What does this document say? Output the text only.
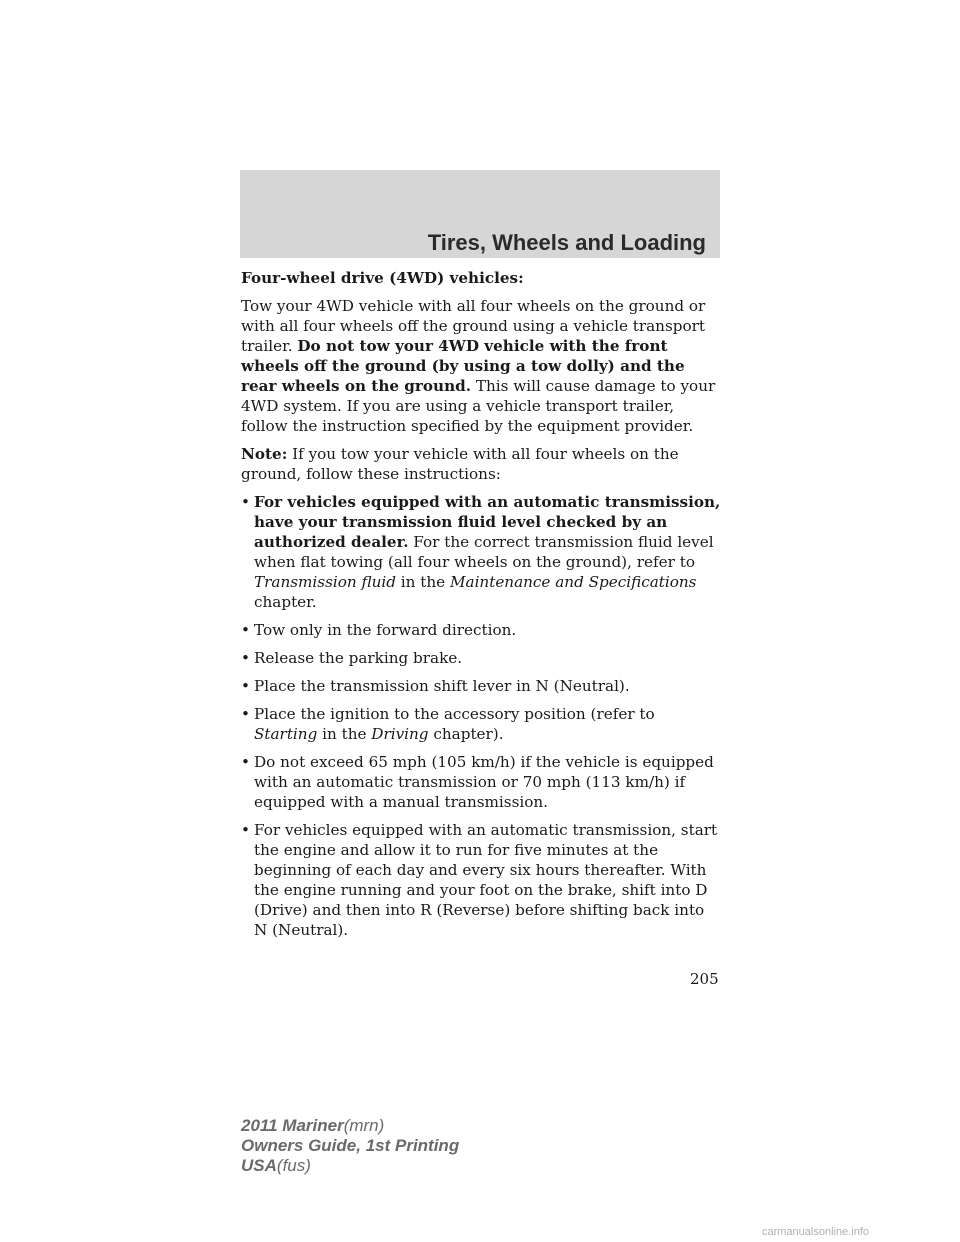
Tires, Wheels and Loading

Four-wheel drive (4WD) vehicles:

Tow your 4WD vehicle with all four wheels on the ground or with all four wheels off the ground using a vehicle transport trailer. Do not tow your 4WD vehicle with the front wheels off the ground (by using a tow dolly) and the rear wheels on the ground. This will cause damage to your 4WD system. If you are using a vehicle transport trailer, follow the instruction specified by the equipment provider.

Note: If you tow your vehicle with all four wheels on the ground, follow these instructions:

• For vehicles equipped with an automatic transmission, have your transmission fluid level checked by an authorized dealer. For the correct transmission fluid level when flat towing (all four wheels on the ground), refer to Transmission fluid in the Maintenance and Specifications chapter.
• Tow only in the forward direction.
• Release the parking brake.
• Place the transmission shift lever in N (Neutral).
• Place the ignition to the accessory position (refer to Starting in the Driving chapter).
• Do not exceed 65 mph (105 km/h) if the vehicle is equipped with an automatic transmission or 70 mph (113 km/h) if equipped with a manual transmission.
• For vehicles equipped with an automatic transmission, start the engine and allow it to run for five minutes at the beginning of each day and every six hours thereafter. With the engine running and your foot on the brake, shift into D (Drive) and then into R (Reverse) before shifting back into N (Neutral).
205
2011 Mariner(mrn)
Owners Guide, 1st Printing
USA(fus)
carmanualsonline.info
